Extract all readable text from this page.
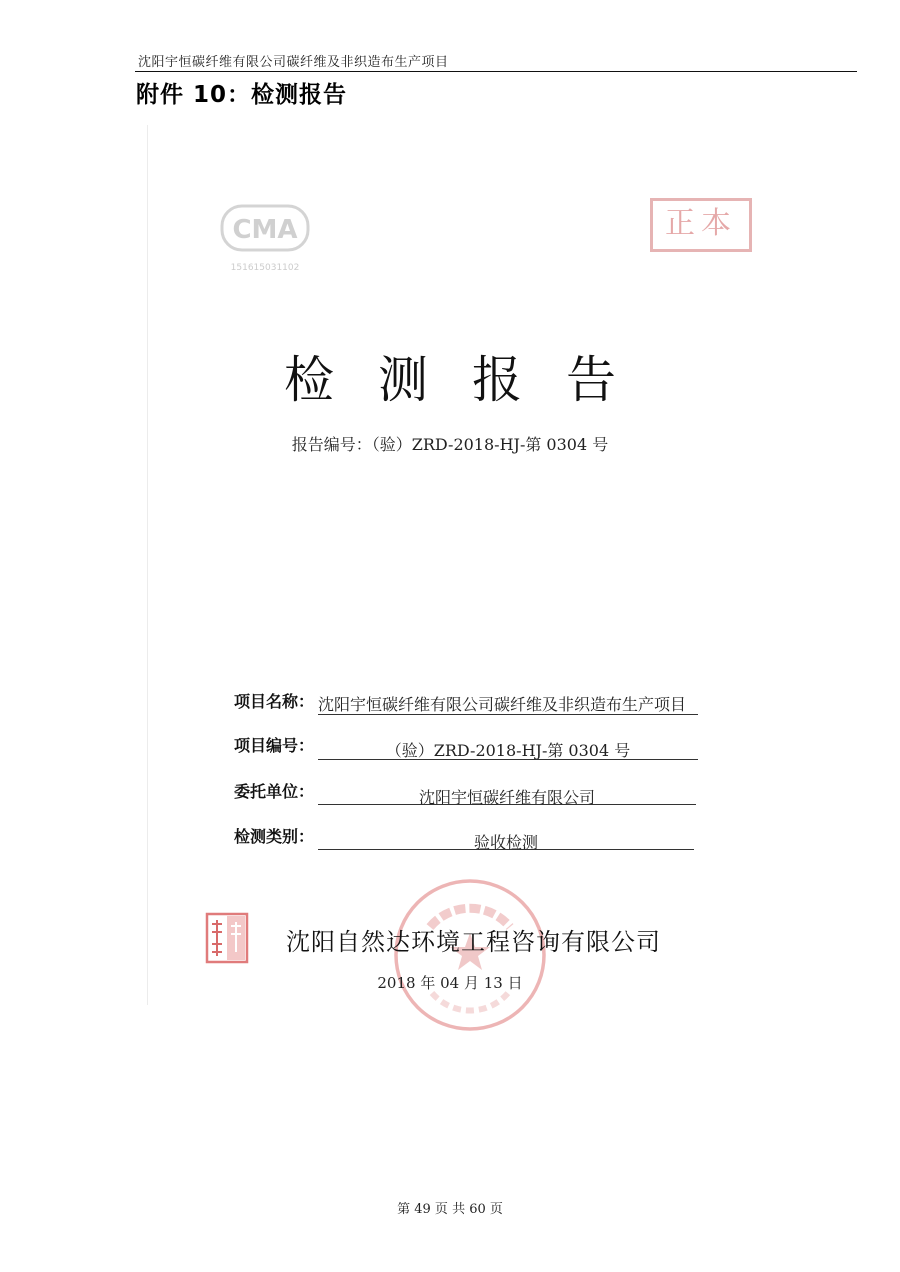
沈阳宇恒碳纤维有限公司碳纤维及非织造布生产项目
附件 10：检测报告
CMA
151615031102
正本
检测报告
报告编号：（验）ZRD-2018-HJ-第 0304 号
项目名称： 沈阳宇恒碳纤维有限公司碳纤维及非织造布生产项目
项目编号：	（验）ZRD-2018-HJ-第 0304 号
委托单位：	沈阳宇恒碳纤维有限公司
检测类别：	验收检测
沈阳自然达环境工程咨询有限公司
2018 年 04 月 13 日
第 49 页 共 60 页
